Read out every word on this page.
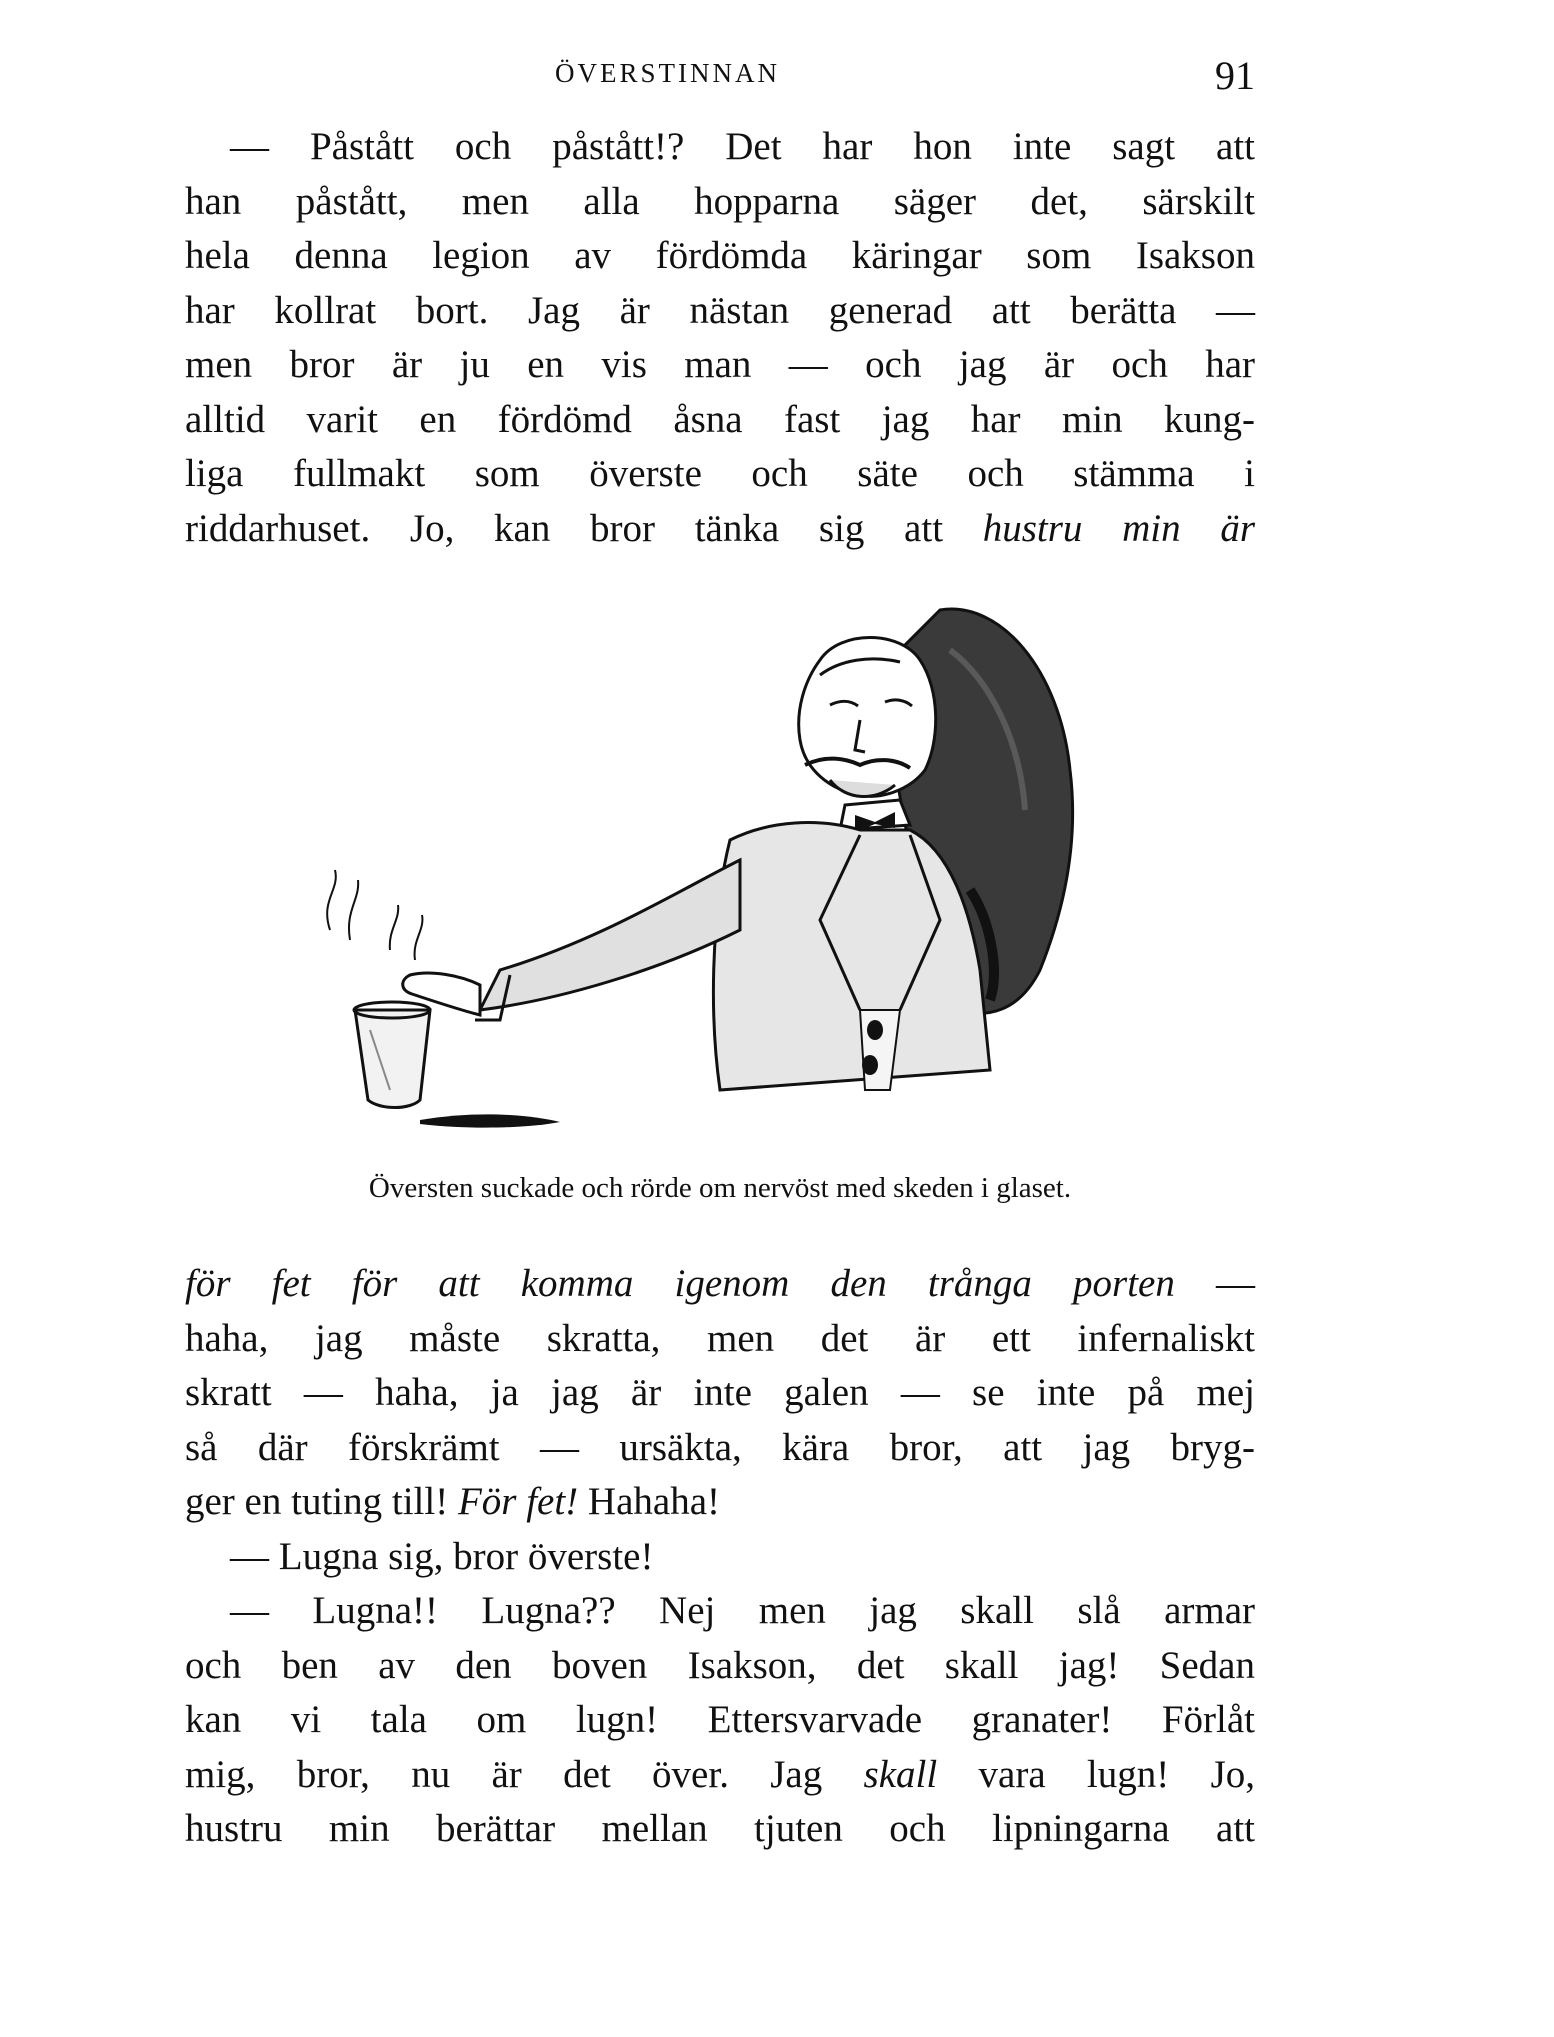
ÖVERSTINNAN	91
— Påstått och påstått!? Det har hon inte sagt att
han påstått, men alla hopparna säger det, särskilt
hela denna legion av fördömda käringar som Isakson
har kollrat bort. Jag är nästan generad att berätta —
men bror är ju en vis man — och jag är och har
alltid varit en fördömd åsna fast jag har min kung-
liga fullmakt som överste och säte och stämma i
riddarhuset. Jo, kan bror tänka sig att hustru min är
Översten suckade och rörde om nervöst med skeden i glaset.
för fet för att komma igenom den trånga porten —
haha, jag måste skratta, men det är ett infernaliskt
skratt — haha, ja jag är inte galen — se inte på mej
så där förskrämt — ursäkta, kära bror, att jag bryg-
ger en tuting till! För fet! Hahaha!
— Lugna sig, bror överste!
— Lugna!! Lugna?? Nej men jag skall slå armar
och ben av den boven Isakson, det skall jag! Sedan
kan vi tala om lugn! Ettersvarvade granater! Förlåt
mig, bror, nu är det över. Jag skall vara lugn! Jo,
hustru min berättar mellan tjuten och lipningarna att
